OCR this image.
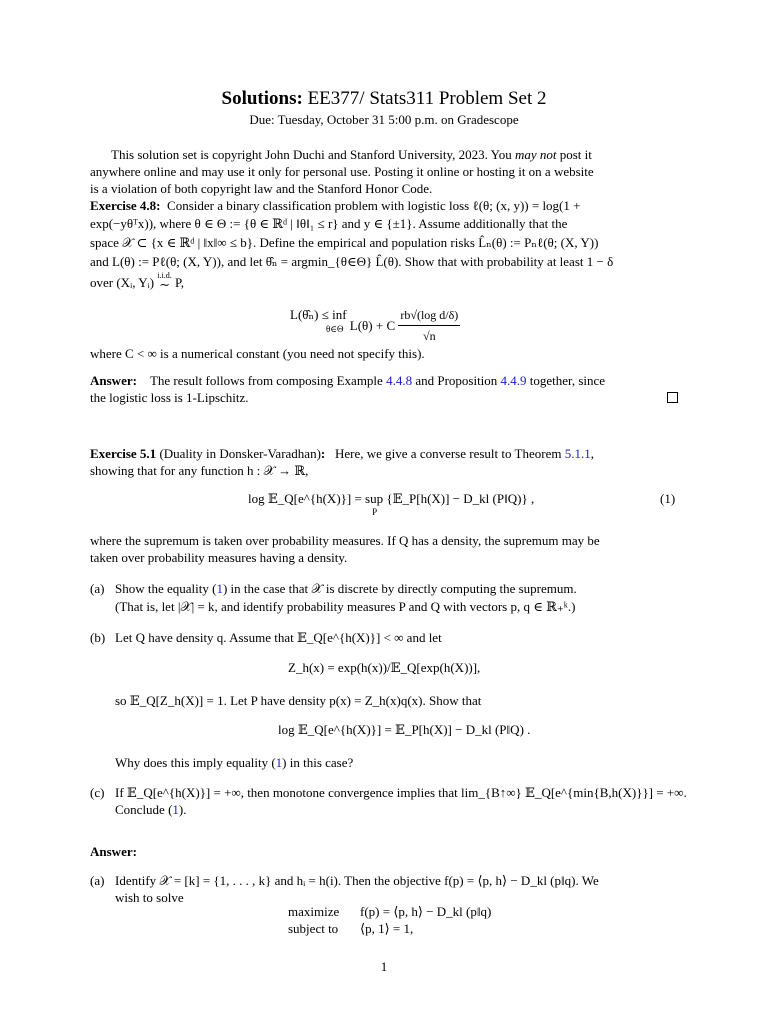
Solutions: EE377/ Stats311 Problem Set 2
Due: Tuesday, October 31 5:00 p.m. on Gradescope
This solution set is copyright John Duchi and Stanford University, 2023. You may not post it
anywhere online and may use it only for personal use. Posting it online or hosting it on a website
is a violation of both copyright law and the Stanford Honor Code.
Exercise 4.8: Consider a binary classification problem with logistic loss ℓ(θ; (x, y)) = log(1 +
exp(−yθᵀx)), where θ ∈ Θ := {θ ∈ ℝᵈ | ‖θ‖₁ ≤ r} and y ∈ {±1}. Assume additionally that the
space 𝒳 ⊂ {x ∈ ℝᵈ | ‖x‖∞ ≤ b}. Define the empirical and population risks L̂ₙ(θ) := Pₙℓ(θ; (X, Y))
and L(θ) := Pℓ(θ; (X, Y)), and let θ̂ₙ = argmin_{θ∈Θ} L̂(θ). Show that with probability at least 1 − δ
over (Xᵢ, Yᵢ) i.i.d.
∼ P,
L(θ̂ₙ) ≤ inf
θ∈Θ L(θ) + C $\frac{\text{rb√(log d/δ)}}{√n}$
where C < ∞ is a numerical constant (you need not specify this).
Answer: The result follows from composing Example 4.4.8 and Proposition 4.4.9 together, since
the logistic loss is 1-Lipschitz.
Exercise 5.1 (Duality in Donsker-Varadhan): Here, we give a converse result to Theorem 5.1.1,
showing that for any function h : 𝒳 → ℝ,
log 𝔼_Q[e^{h(X)}] = sup
P
{𝔼_P[h(X)] − D_kl (P‖Q)} ,	(1)
where the supremum is taken over probability measures. If Q has a density, the supremum may be
taken over probability measures having a density.
(a) Show the equality (1) in the case that 𝒳 is discrete by directly computing the supremum.
(That is, let |𝒳| = k, and identify probability measures P and Q with vectors p, q ∈ ℝ₊ᵏ.)
(b) Let Q have density q. Assume that 𝔼_Q[e^{h(X)}] < ∞ and let
Z_h(x) = exp(h(x))/𝔼_Q[exp(h(X))],
so 𝔼_Q[Z_h(X)] = 1. Let P have density p(x) = Z_h(x)q(x). Show that
log 𝔼_Q[e^{h(X)}] = 𝔼_P[h(X)] − D_kl (P‖Q) .
Why does this imply equality (1) in this case?
(c) If 𝔼_Q[e^{h(X)}] = +∞, then monotone convergence implies that lim_{B↑∞} 𝔼_Q[e^{min{B,h(X)}}] = +∞.
Conclude (1).
Answer:
(a) Identify 𝒳 = [k] = {1, . . . , k} and hᵢ = h(i). Then the objective f(p) = ⟨p, h⟩ − D_kl (p‖q). We
wish to solve
maximize f(p) = ⟨p, h⟩ − D_kl (p‖q)
subject to ⟨p, 1⟩ = 1,
1
